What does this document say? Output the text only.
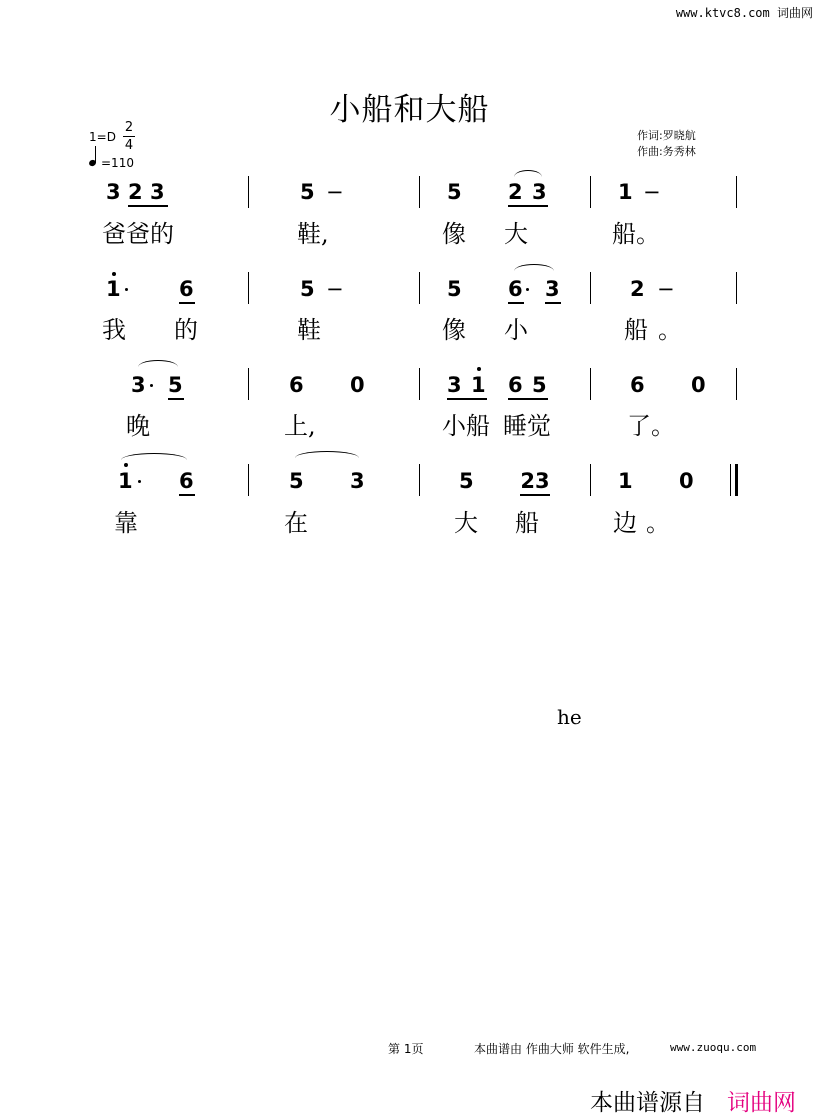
www.ktvc8.com 词曲网
小船和大船
1=D
2
4
=110
作词:罗晓航
作曲:务秀林
3 2 3	5 −	5 2 3	1 −
爸爸的	鞋,	像 大	船。
1	6	5 −	5 6 3	2 −
我 的	鞋	像 小	船 。
3 5	6 0	3 1 6 5	6 0
晚	上,	小船 睡觉	了。
1 6	5 3	5 23	1 0
靠	在	大 船	边 。
he
第 1页	本曲谱由 作曲大师 软件生成,	www.zuoqu.com
本曲谱源自 词曲网
